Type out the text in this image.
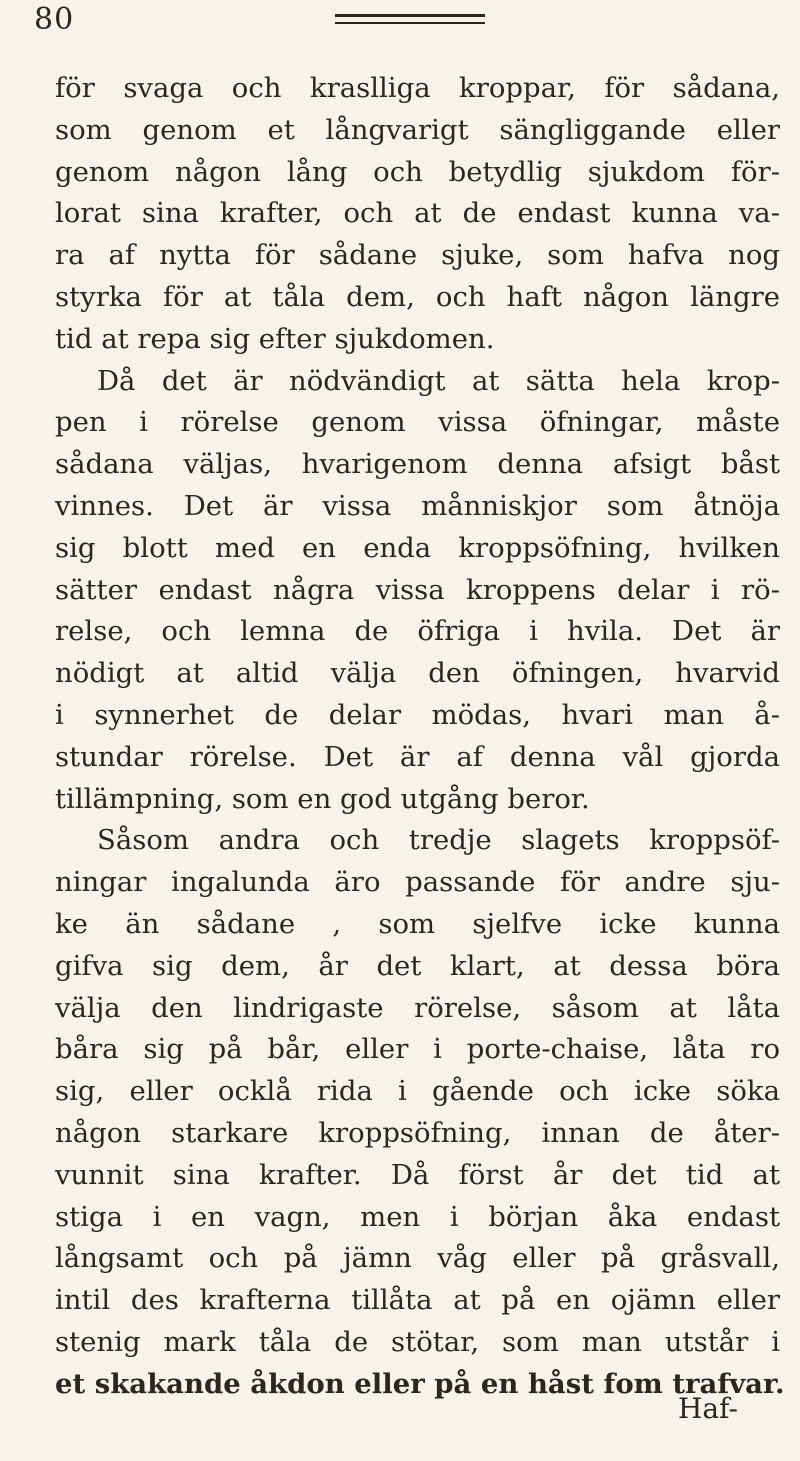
80
för svaga och kraslliga kroppar, för sådana,
som genom et långvarigt sängliggande eller
genom någon lång och betydlig sjukdom för-
lorat sina krafter, och at de endast kunna va-
ra af nytta för sådane sjuke, som hafva nog
styrka för at tåla dem, och haft någon längre
tid at repa sig efter sjukdomen.
Då det är nödvändigt at sätta hela krop-
pen i rörelse genom vissa öfningar, måste
sådana väljas, hvarigenom denna afsigt båst
vinnes. Det är vissa månniskjor som åtnöja
sig blott med en enda kroppsöfning, hvilken
sätter endast några vissa kroppens delar i rö-
relse, och lemna de öfriga i hvila. Det är
nödigt at altid välja den öfningen, hvarvid
i synnerhet de delar mödas, hvari man å-
stundar rörelse. Det är af denna vål gjorda
tillämpning, som en god utgång beror.
Såsom andra och tredje slagets kroppsöf-
ningar ingalunda äro passande för andre sju-
ke än sådane , som sjelfve icke kunna
gifva sig dem, år det klart, at dessa böra
välja den lindrigaste rörelse, såsom at låta
båra sig på bår, eller i porte-chaise, låta ro
sig, eller ocklå rida i gående och icke söka
någon starkare kroppsöfning, innan de åter-
vunnit sina krafter. Då först år det tid at
stiga i en vagn, men i början åka endast
långsamt och på jämn våg eller på gråsvall,
intil des krafterna tillåta at på en ojämn eller
stenig mark tåla de stötar, som man utstår i
et skakande åkdon eller på en håst fom trafvar.
Haf-
